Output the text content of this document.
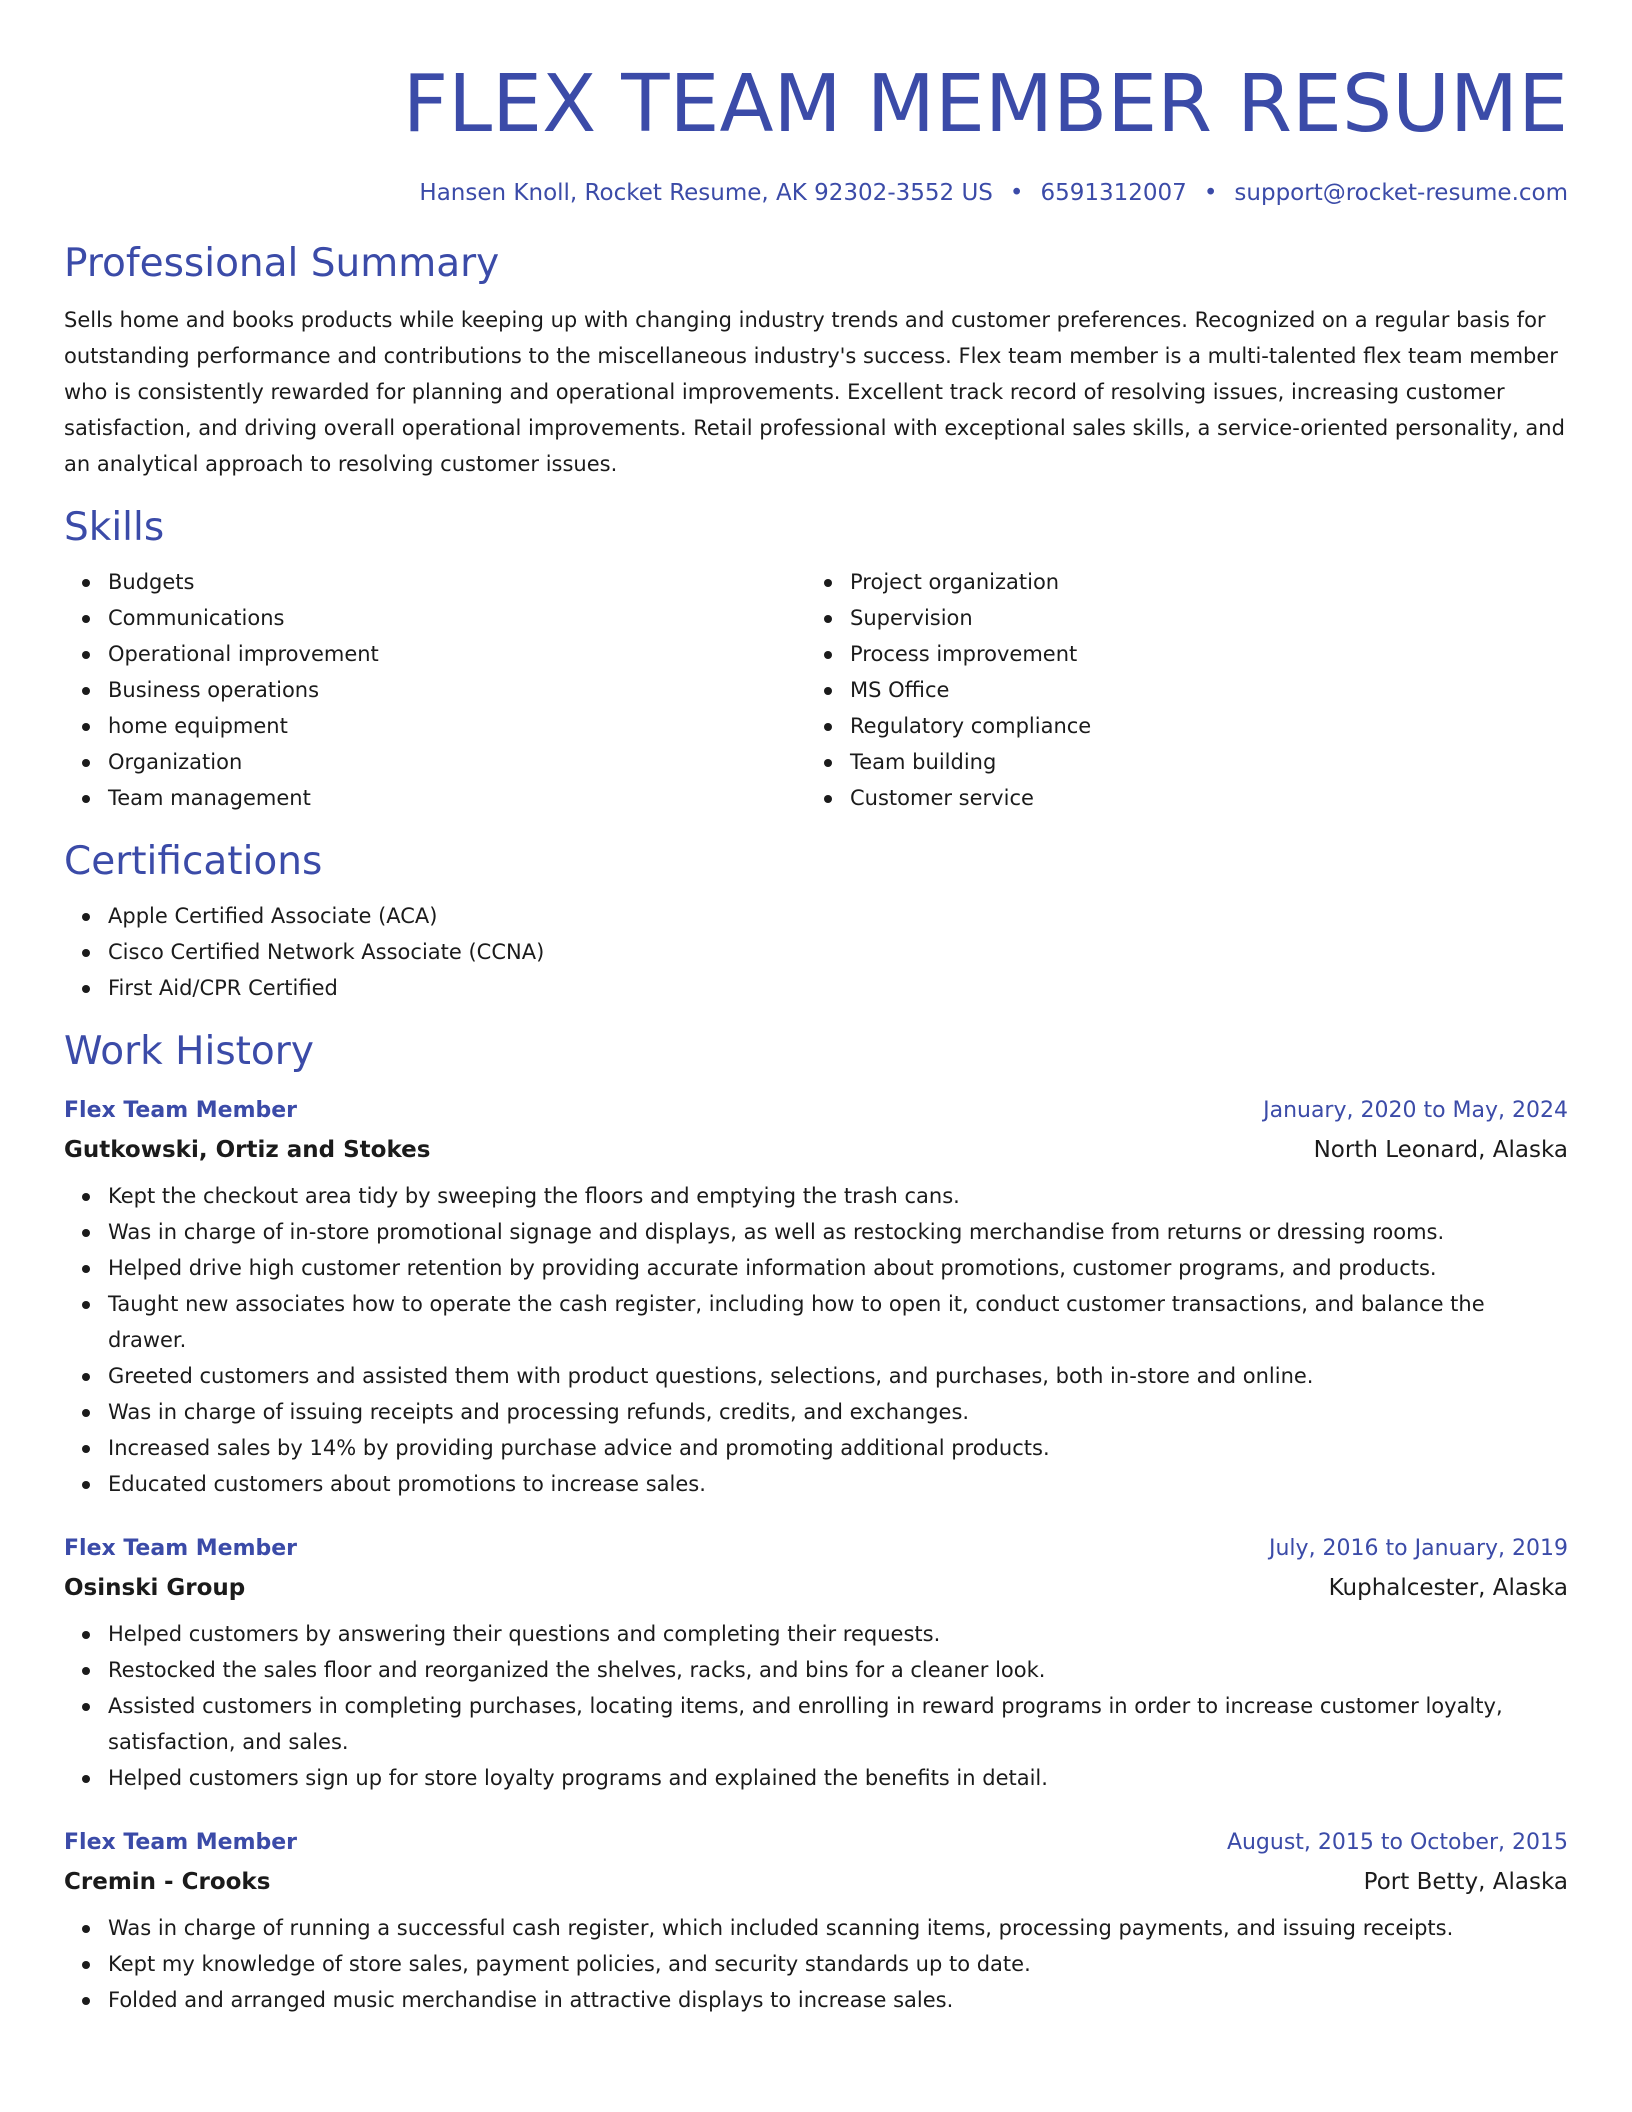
FLEX TEAM MEMBER RESUME
Hansen Knoll, Rocket Resume, AK 92302-3552 US • 6591312007 • support@rocket-resume.com
Professional Summary

Sells home and books products while keeping up with changing industry trends and customer preferences. Recognized on a regular basis for outstanding performance and contributions to the miscellaneous industry's success. Flex team member is a multi-talented flex team member who is consistently rewarded for planning and operational improvements. Excellent track record of resolving issues, increasing customer satisfaction, and driving overall operational improvements. Retail professional with exceptional sales skills, a service-oriented personality, and an analytical approach to resolving customer issues.

Skills
Budgets
Communications
Operational improvement
Business operations
home equipment
Organization
Team management
Project organization
Supervision
Process improvement
MS Office
Regulatory compliance
Team building
Customer service
Certifications
Apple Certified Associate (ACA)
Cisco Certified Network Associate (CCNA)
First Aid/CPR Certified
Work History
Flex Team Member	January, 2020 to May, 2024
Gutkowski, Ortiz and Stokes	North Leonard, Alaska
Kept the checkout area tidy by sweeping the floors and emptying the trash cans.
Was in charge of in-store promotional signage and displays, as well as restocking merchandise from returns or dressing rooms.
Helped drive high customer retention by providing accurate information about promotions, customer programs, and products.
Taught new associates how to operate the cash register, including how to open it, conduct customer transactions, and balance the drawer.
Greeted customers and assisted them with product questions, selections, and purchases, both in-store and online.
Was in charge of issuing receipts and processing refunds, credits, and exchanges.
Increased sales by 14% by providing purchase advice and promoting additional products.
Educated customers about promotions to increase sales.
Flex Team Member	July, 2016 to January, 2019
Osinski Group	Kuphalcester, Alaska
Helped customers by answering their questions and completing their requests.
Restocked the sales floor and reorganized the shelves, racks, and bins for a cleaner look.
Assisted customers in completing purchases, locating items, and enrolling in reward programs in order to increase customer loyalty, satisfaction, and sales.
Helped customers sign up for store loyalty programs and explained the benefits in detail.
Flex Team Member	August, 2015 to October, 2015
Cremin - Crooks	Port Betty, Alaska
Was in charge of running a successful cash register, which included scanning items, processing payments, and issuing receipts.
Kept my knowledge of store sales, payment policies, and security standards up to date.
Folded and arranged music merchandise in attractive displays to increase sales.
